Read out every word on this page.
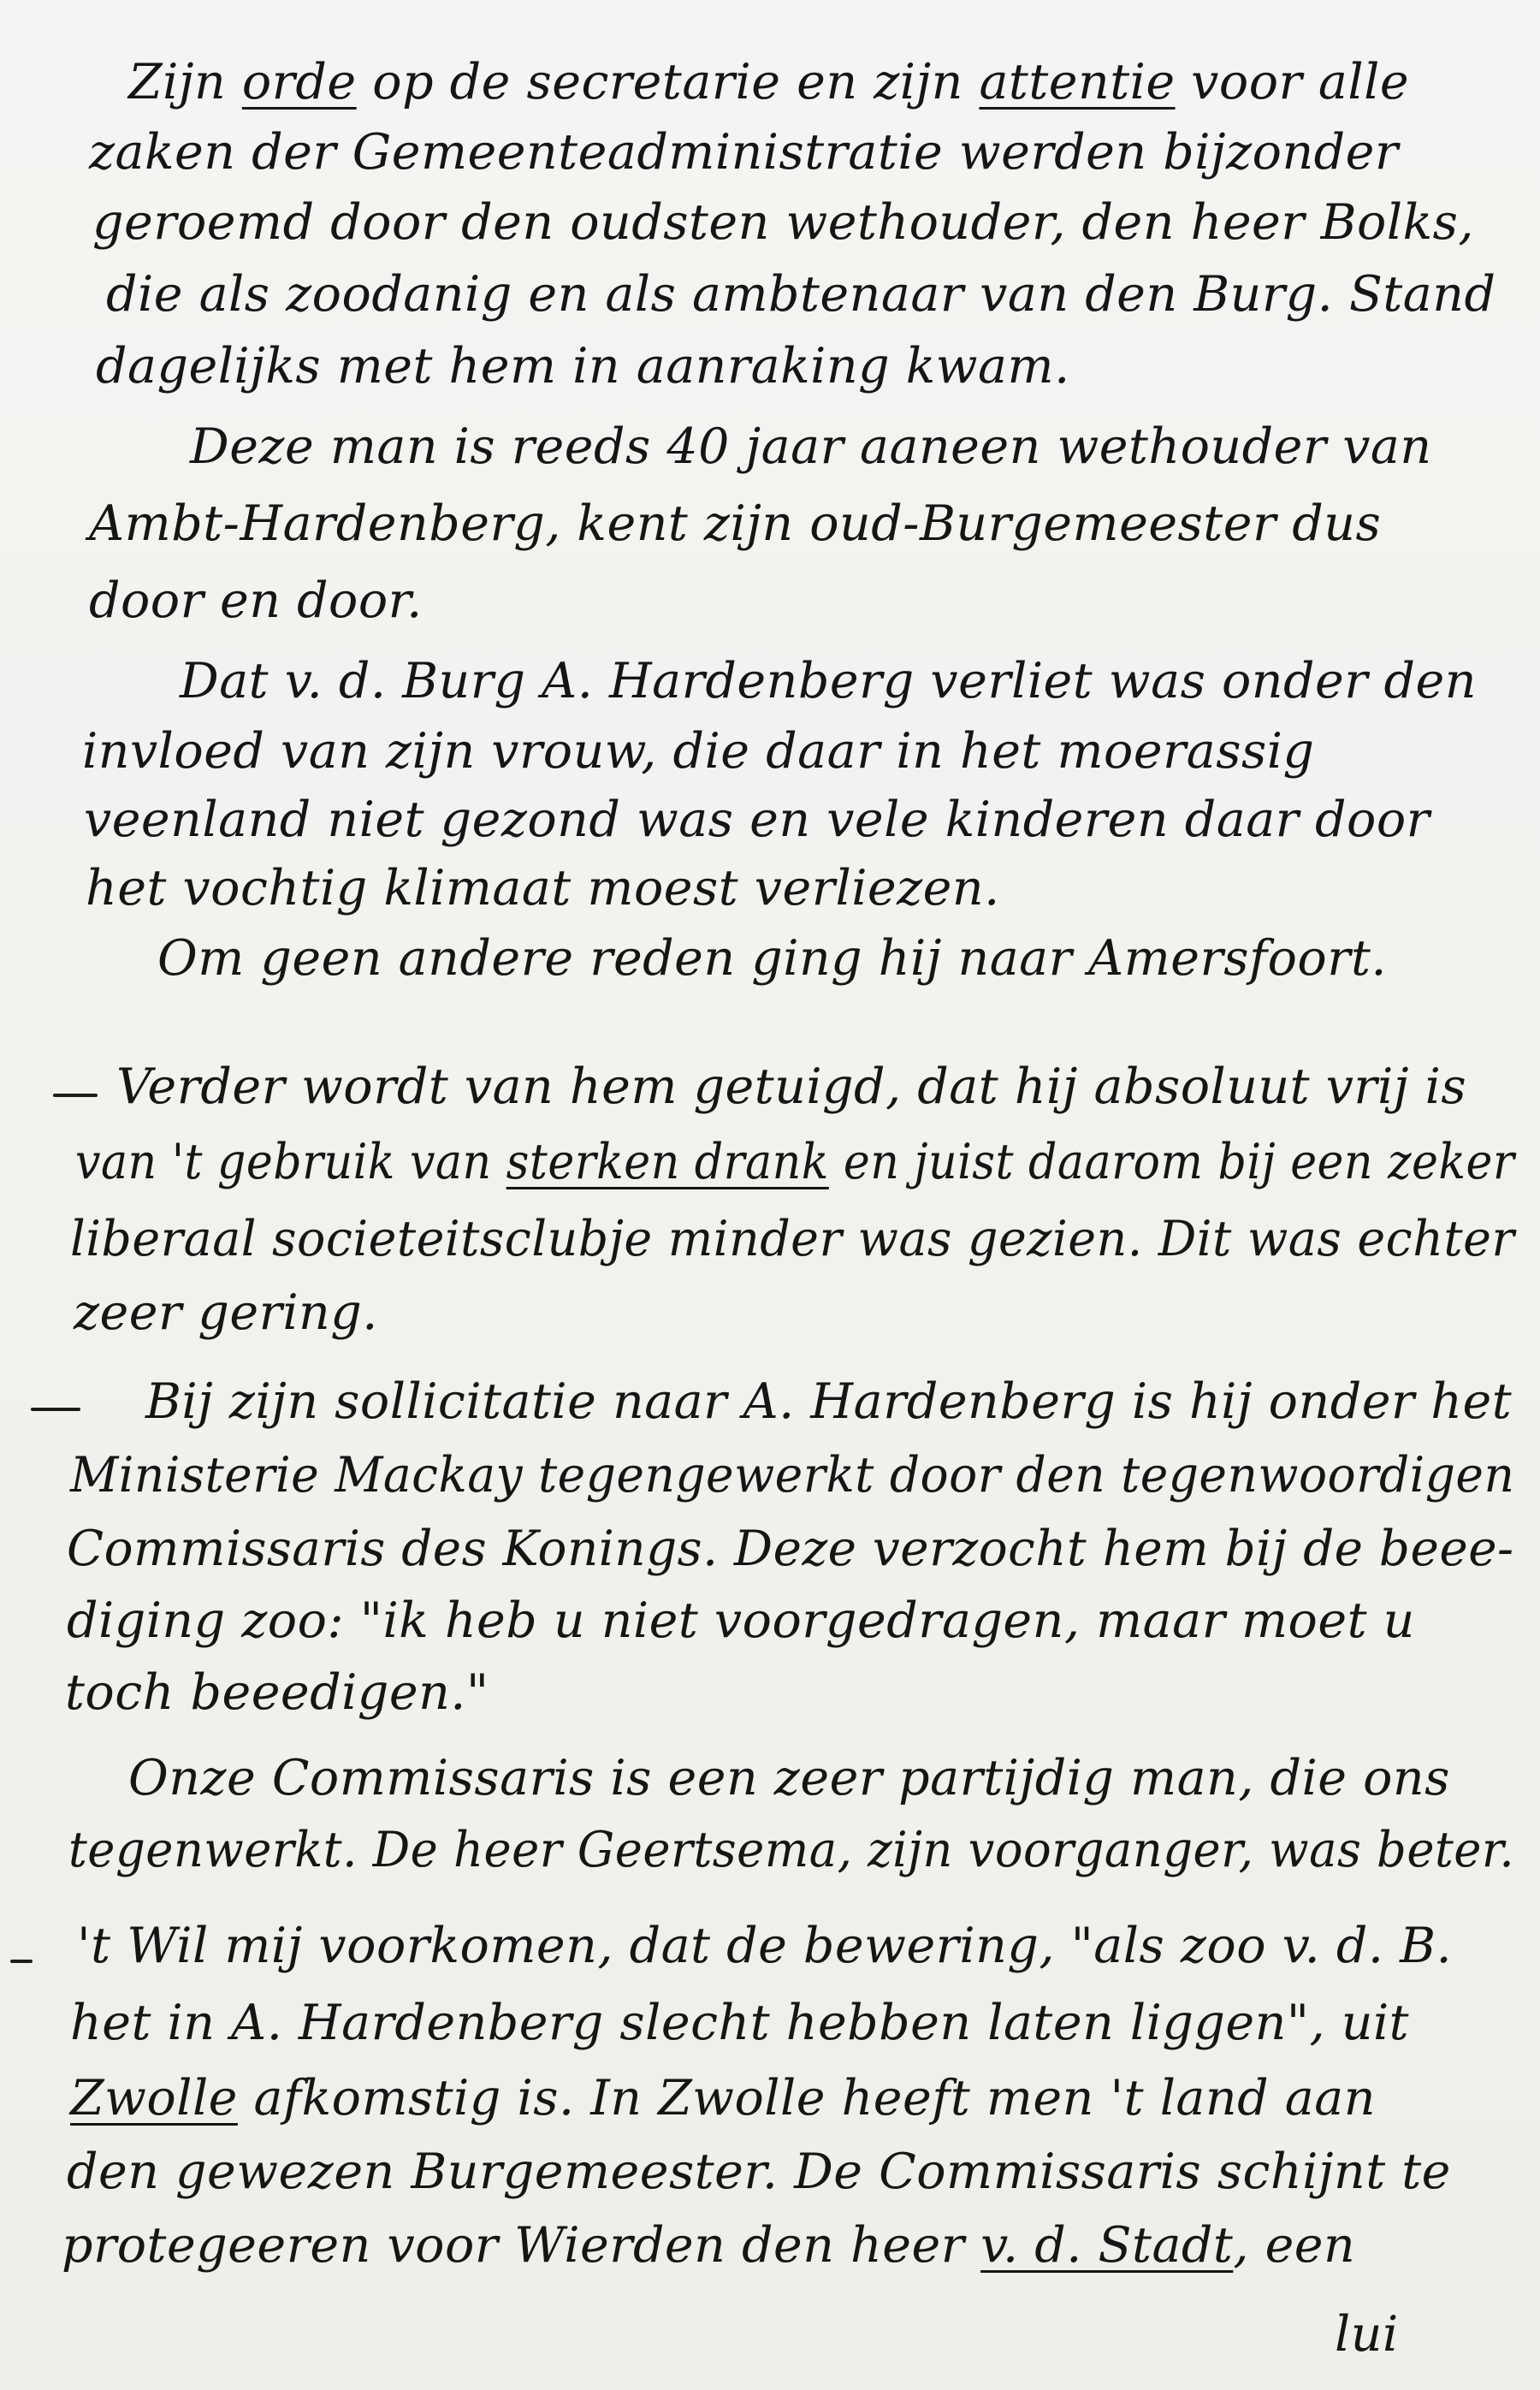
Zijn orde op de secretarie en zijn attentie voor alle

zaken der Gemeenteadministratie werden bijzonder

geroemd door den oudsten wethouder, den heer Bolks,

die als zoodanig en als ambtenaar van den Burg. Stand

dagelijks met hem in aanraking kwam.

Deze man is reeds 40 jaar aaneen wethouder van

Ambt-Hardenberg, kent zijn oud-Burgemeester dus

door en door.

Dat v. d. Burg A. Hardenberg verliet was onder den

invloed van zijn vrouw, die daar in het moerassig

veenland niet gezond was en vele kinderen daar door

het vochtig klimaat moest verliezen.

Om geen andere reden ging hij naar Amersfoort.

Verder wordt van hem getuigd, dat hij absoluut vrij is

van 't gebruik van sterken drank en juist daarom bij een zeker

liberaal societeitsclubje minder was gezien. Dit was echter

zeer gering.

Bij zijn sollicitatie naar A. Hardenberg is hij onder het

Ministerie Mackay tegengewerkt door den tegenwoordigen

Commissaris des Konings. Deze verzocht hem bij de beee-

diging zoo: "ik heb u niet voorgedragen, maar moet u

toch beeedigen."

Onze Commissaris is een zeer partijdig man, die ons

tegenwerkt. De heer Geertsema, zijn voorganger, was beter.

't Wil mij voorkomen, dat de bewering, "als zoo v. d. B.

het in A. Hardenberg slecht hebben laten liggen", uit

Zwolle afkomstig is. In Zwolle heeft men 't land aan

den gewezen Burgemeester. De Commissaris schijnt te

protegeeren voor Wierden den heer v. d. Stadt, een

lui
